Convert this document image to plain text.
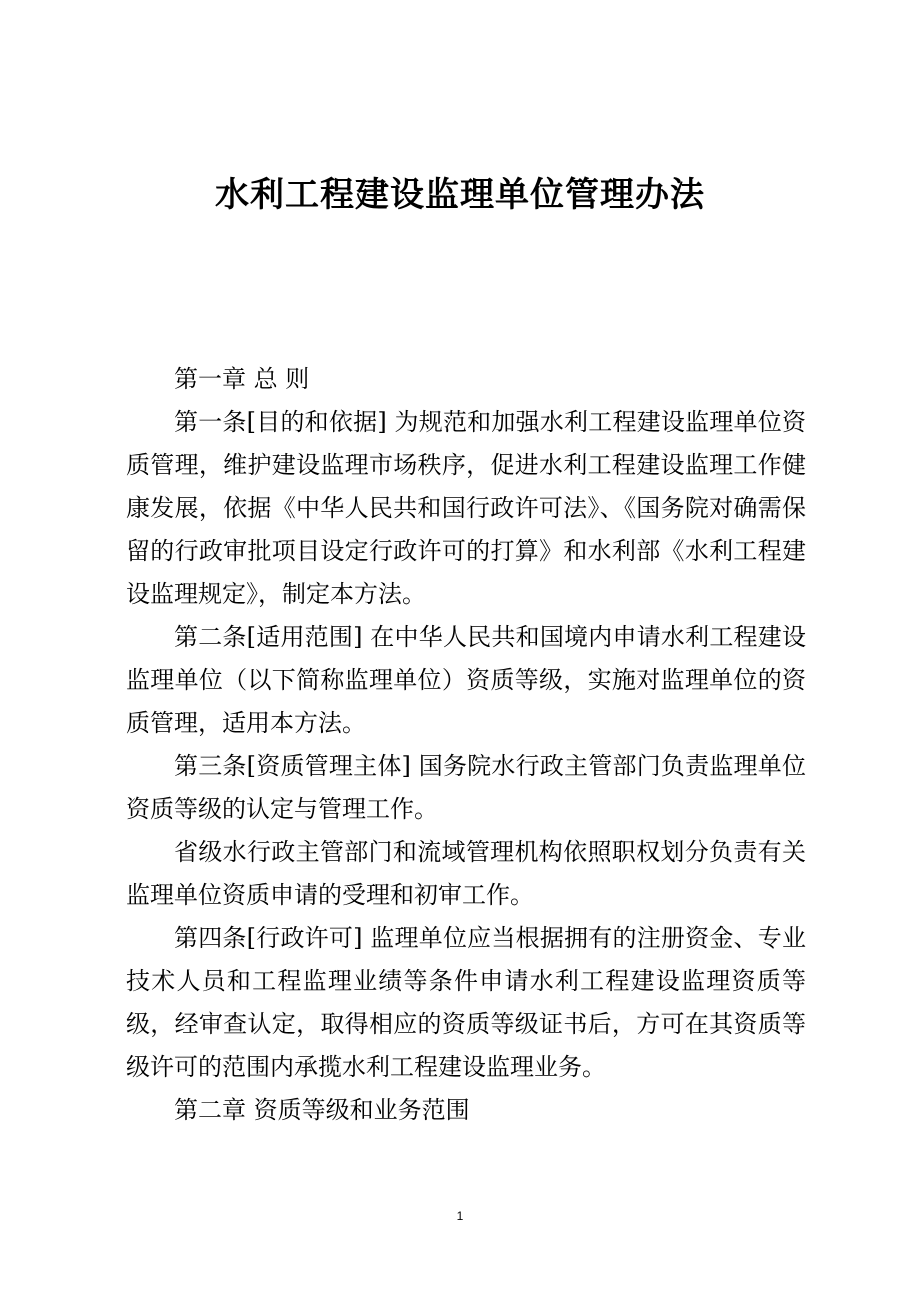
水利工程建设监理单位管理办法

第一章 总 则

第一条[目的和依据] 为规范和加强水利工程建设监理单位资质管理，维护建设监理市场秩序，促进水利工程建设监理工作健康发展，依据《中华人民共和国行政许可法》、《国务院对确需保留的行政审批项目设定行政许可的打算》和水利部《水利工程建设监理规定》，制定本方法。

第二条[适用范围] 在中华人民共和国境内申请水利工程建设监理单位（以下简称监理单位）资质等级，实施对监理单位的资质管理，适用本方法。

第三条[资质管理主体] 国务院水行政主管部门负责监理单位资质等级的认定与管理工作。

省级水行政主管部门和流域管理机构依照职权划分负责有关监理单位资质申请的受理和初审工作。

第四条[行政许可] 监理单位应当根据拥有的注册资金、专业技术人员和工程监理业绩等条件申请水利工程建设监理资质等级，经审查认定，取得相应的资质等级证书后，方可在其资质等级许可的范围内承揽水利工程建设监理业务。

第二章 资质等级和业务范围

1
